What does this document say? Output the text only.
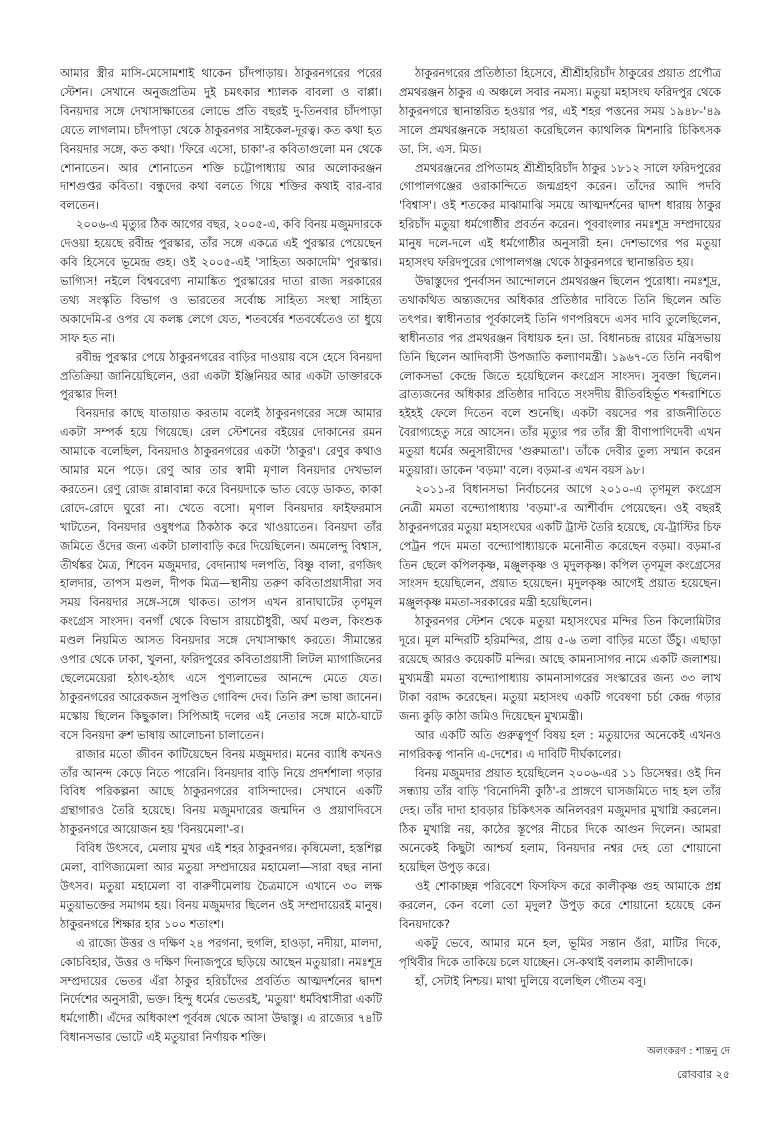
আমার স্ত্রীর মাসি-মেসোমশাই থাকেন চাঁদপাড়ায়। ঠাকুরনগরের পরের স্টেশন। সেখানে অনুজপ্রতিম দুই চমৎকার শ্যালক বাবলা ও বাপ্পা। বিনয়দার সঙ্গে দেখাসাক্ষাতের লোভে প্রতি বছরই দু-তিনবার চাঁদপাড়া যেতে লাগলাম। চাঁদপাড়া থেকে ঠাকুরনগর সাইকেল-দূরত্ব। কত কথা হত বিনয়দার সঙ্গে, কত কথা। 'ফিরে এসো, চাকা'-র কবিতাগুলো মন থেকে শোনাতেন। আর শোনাতেন শক্তি চট্টোপাধ্যায় আর অলোকরঞ্জন দাশগুপ্তর কবিতা। বন্ধুদের কথা বলতে গিয়ে শক্তির কথাই বার-বার বলতেন।

২০০৬-এ মৃত্যুর ঠিক আগের বছর, ২০০৫-এ, কবি বিনয় মজুমদারকে দেওয়া হয়েছে রবীন্দ্র পুরস্কার, তাঁর সঙ্গে একত্রে এই পুরস্কার পেয়েছেন কবি হিসেবে ভূমেন্দ্র গুহ। ওই ২০০৫-এই 'সাহিত্য অকাদেমি' পুরস্কার। ভাগ্যিস! নইলে বিশ্ববরেণ্য নামাঙ্কিত পুরস্কারের দাতা রাজ্য সরকারের তথ্য সংস্কৃতি বিভাগ ও ভারতের সর্বোচ্চ সাহিত্য সংস্থা সাহিত্য অকাদেমি-র ওপর যে কলঙ্ক লেগে যেত, শতবর্ষের শতবর্ষেতেও তা ধুয়ে সাফ হত না।

রবীন্দ্র পুরস্কার পেয়ে ঠাকুরনগরের বাড়ির দাওয়ায় বসে হেসে বিনয়দা প্রতিক্রিয়া জানিয়েছিলেন, ওরা একটা ইঞ্জিনিয়র আর একটা ডাক্তারকে পুরস্কার দিল!

বিনয়দার কাছে যাতায়াত করতাম বলেই ঠাকুরনগরের সঙ্গে আমার একটা সম্পর্ক হয়ে গিয়েছে। রেল স্টেশনের বইয়ের দোকানের রমন আমাকে বলেছিল, বিনয়দাও ঠাকুরনগরের একটা 'ঠাকুর'। রেণুর কথাও আমার মনে পড়ে। রেণু আর তার স্বামী মৃণাল বিনয়দার দেখভাল করতেন। রেণু রোজ রান্নাবান্না করে বিনয়দাকে ভাত বেড়ে ডাকত, কাকা রোদে-রোদে ঘুরো না। খেতে বসো। মৃণাল বিনয়দার ফাইফরমাস খাটতেন, বিনয়দার ওষুধপত্র ঠিকঠাক করে খাওয়াতেন। বিনয়দা তাঁর জমিতে ওঁদের জন্য একটা চালাবাড়ি করে দিয়েছিলেন। অমলেন্দু বিশ্বাস, তীর্থঙ্কর মৈত্র, শিবেন মজুমদার, বেদান্যাথ দলপতি, বিষ্ণু বালা, রণজিৎ হালদার, তাপস মণ্ডল, দীপক মিত্র—স্থানীয় তরুণ কবিতাপ্রয়াসীরা সব সময় বিনয়দার সঙ্গে-সঙ্গে থাকত। তাপস এখন রানাঘাটের তৃণমূল কংগ্রেস সাংসদ। বনগাঁ থেকে বিভাস রায়চৌধুরী, অর্ঘ মণ্ডল, কিংশুক মণ্ডল নিয়মিত আসত বিনয়দার সঙ্গে দেখাসাক্ষাৎ করতে। সীমান্তের ওপার থেকে ঢাকা, খুলনা, ফরিদপুরের কবিতাপ্রয়াসী লিটল ম্যাগাজিনের ছেলেমেয়েরা হঠাৎ-হঠাৎ এসে পুণ্যলাভের আনন্দে মেতে যেত। ঠাকুরনগরের আরেকজন সুপণ্ডিত গোবিন্দ দেব। তিনি রুশ ভাষা জানেন। মস্কোয় ছিলেন কিছুকাল। সিপিআই দলের এই নেতার সঙ্গে মাঠে-ঘাটে বসে বিনয়দা রুশ ভাষায় আলোচনা চালাতেন।

রাজার মতো জীবন কাটিয়েছেন বিনয় মজুমদার। মনের ব্যাধি কখনও তাঁর আনন্দ কেড়ে নিতে পারেনি। বিনয়দার বাড়ি নিয়ে প্রদর্শশালা গড়ার বিবিধ পরিকল্পনা আছে ঠাকুরনগরের বাসিন্দাদের। সেখানে একটি গ্রন্থাগারও তৈরি হয়েছে। বিনয় মজুমদারের জন্মদিন ও প্রয়াণদিবসে ঠাকুরনগরে আয়োজন হয় 'বিনয়মেলা'-র।

বিবিধ উৎসবে, মেলায় মুখর এই শহর ঠাকুরনগর। কৃষিমেলা, হস্তশিল্প মেলা, বাণিজ্যমেলা আর মতুয়া সম্প্রদায়ের মহামেলা—সারা বছর নানা উৎসব। মতুয়া মহামেলা বা বারুণীমেলায় চৈত্রমাসে এখানে ৩০ লক্ষ মতুয়াভক্তের সমাগম হয়। বিনয় মজুমদার ছিলেন ওই সম্প্রদায়েরই মানুষ। ঠাকুরনগরে শিক্ষার হার ১০০ শতাংশ।

এ রাজ্যে উত্তর ও দক্ষিণ ২৪ পরগনা, হুগলি, হাওড়া, নদীয়া, মালদা, কোচবিহার, উত্তর ও দক্ষিণ দিনাজপুরে ছড়িয়ে আছেন মতুয়ারা। নমঃশূদ্র সম্প্রদায়ের ভেতর এঁরা ঠাকুর হরিচাঁদের প্রবর্তিত আত্মদর্শনের দ্বাদশ নির্দেশের অনুসারী, ভক্ত। হিন্দু ধর্মের ভেতরই, 'মতুয়া' ধর্মবিশ্বাসীরা একটি ধর্মগোষ্ঠী। এঁদের অধিকাংশ পূর্ববঙ্গ থেকে আসা উদ্বাস্তু। এ রাজ্যের ৭৪টি বিধানসভার ভোটে এই মতুয়ারা নির্ণায়ক শক্তি।

ঠাকুরনগরের প্রতিষ্ঠাতা হিসেবে, শ্রীশ্রীহরিচাঁদ ঠাকুরের প্রয়াত প্রপৌত্র প্রমথরঞ্জন ঠাকুর এ অঞ্চলে সবার নমস্য। মতুয়া মহাসংঘ ফরিদপুর থেকে ঠাকুরনগরে স্থানান্তরিত হওয়ার পর, এই শহর পত্তনের সময় ১৯৪৮-'৪৯ সালে প্রমথরঞ্জনকে সহায়তা করেছিলেন ক্যাথলিক মিশনারি চিকিৎসক ডা. সি. এস. মিড।

প্রমথরঞ্জনের প্রপিতামহ শ্রীশ্রীহরিচাঁদ ঠাকুর ১৮১২ সালে ফরিদপুরের গোপালগঞ্জের ওরাকান্দিতে জন্মগ্রহণ করেন। তাঁদের আদি পদবি 'বিশ্বাস'। ওই শতকের মাঝামাঝি সময়ে আত্মদর্শনের দ্বাদশ ধারায় ঠাকুর হরিচাঁদ মতুয়া ধর্মগোষ্ঠীর প্রবর্তন করেন। পূববাংলার নমঃশূদ্র সম্প্রদায়ের মানুষ দলে-দলে এই ধর্মগোষ্ঠীর অনুসারী হন। দেশভাগের পর মতুয়া মহাসংঘ ফরিদপুরের গোপালগঞ্জ থেকে ঠাকুরনগরে স্থানান্তরিত হয়।

উদ্বাস্তুদের পুনর্বাসন আন্দোলনে প্রমথরঞ্জন ছিলেন পুরোধা। নমঃশূদ্র, তথাকথিত অন্ত্যজদের অধিকার প্রতিষ্ঠার দাবিতে তিনি ছিলেন অতি তৎপর। স্বাধীনতার পূর্বকালেই তিনি গণপরিষদে এসব দাবি তুলেছিলেন, স্বাধীনতার পর প্রমথরঞ্জন বিধায়ক হন। ডা. বিধানচন্দ্র রায়ের মন্ত্রিসভায় তিনি ছিলেন আদিবাসী উপজাতি কল্যাণমন্ত্রী। ১৯৬৭-তে তিনি নবদ্বীপ লোকসভা কেন্দ্রে জিতে হয়েছিলেন কংগ্রেস সাংসদ। সুবক্তা ছিলেন। ব্রাত্যজনের অধিকার প্রতিষ্ঠার দাবিতে সংসদীয় রীতিবহির্ভূত শব্দরাশিতে হইহই ফেলে দিতেন বলে শুনেছি। একটা বয়সের পর রাজনীতিতে বৈরাগ্যহেতু সরে আসেন। তাঁর মৃত্যুর পর তাঁর স্ত্রী বীণাপাণিদেবী এখন মতুয়া ধর্মের অনুসারীদের 'গুরুমাতা'। তাঁকে দেবীর তুল্য সম্মান করেন মতুয়ারা। ডাকেন 'বড়মা' বলে। বড়মা-র এখন বয়স ৯৮।

২০১১-র বিধানসভা নির্বাচনের আগে ২০১০-এ তৃণমূল কংগ্রেস নেত্রী মমতা বন্দ্যোপাধ্যায় 'বড়মা'-র আশীর্বাদ পেয়েছেন। ওই বছরই ঠাকুরনগরের মতুয়া মহাসংঘের একটি ট্রাস্ট তৈরি হয়েছে, যে-ট্রাস্টির চিফ পেট্রন পদে মমতা বন্দ্যোপাধ্যায়কে মনোনীত করেছেন বড়মা। বড়মা-র তিন ছেলে কপিলকৃষ্ণ, মঞ্জুলকৃষ্ণ ও মৃদুলকৃষ্ণ। কপিল তৃণমূল কংগ্রেসের সাংসদ হয়েছিলেন, প্রয়াত হয়েছেন। মৃদুলকৃষ্ণ আগেই প্রয়াত হয়েছেন। মঞ্জুলকৃষ্ণ মমতা-সরকারের মন্ত্রী হয়েছিলেন।

ঠাকুরনগর স্টেশন থেকে মতুয়া মহাসংঘের মন্দির তিন কিলোমিটার দূরে। মূল মন্দিরটি হরিমন্দির, প্রায় ৫-৬ তলা বাড়ির মতো উঁচু। এছাড়া রয়েছে আরও কয়েকটি মন্দির। আছে কামনাসাগর নামে একটি জলাশয়। মুখ্যমন্ত্রী মমতা বন্দ্যোপাধ্যায় কামনাসাগরের সংস্কারের জন্য ৩৩ লাখ টাকা বরাদ্দ করেছেন। মতুয়া মহাসংঘ একটি গবেষণা চর্চা কেন্দ্র গড়ার জন্য কুড়ি কাঠা জমিও দিয়েছেন মুখ্যমন্ত্রী।

আর একটি অতি গুরুত্বপূর্ণ বিষয় হল : মতুয়াদের অনেকেই এখনও নাগরিকত্ব পাননি এ-দেশের। এ দাবিটি দীর্ঘকালের।

বিনয় মজুমদার প্রয়াত হয়েছিলেন ২০০৬-এর ১১ ডিসেম্বর। ওই দিন সন্ধ্যায় তাঁর বাড়ি 'বিনোদিনী কুঠি'-র প্রাঙ্গণে ঘাসজমিতে দাহ হল তাঁর দেহ। তাঁর দাদা হাবড়ার চিকিৎসক অনিলবরণ মজুমদার মুখাগ্নি করলেন। ঠিক মুখাগ্নি নয়, কাঠের স্তূপের নীচের দিকে আগুন দিলেন। আমরা অনেকেই কিছুটা আশ্চর্য হলাম, বিনয়দার নশ্বর দেহ তো শোয়ানো হয়েছিল উপুড় করে।

ওই শোকাচ্ছন্ন পরিবেশে ফিসফিস করে কালীকৃষ্ণ গুহ আমাকে প্রশ্ন করলেন, কেন বলো তো মৃদুল? উপুড় করে শোয়ানো হয়েছে কেন বিনয়দাকে?

একটু ভেবে, আমার মনে হল, ভূমির সন্তান ওঁরা, মাটির দিকে, পৃথিবীর দিকে তাকিয়ে চলে যাচ্ছেন। সে-কথাই বললাম কালীদাকে।

হাঁ, সেটাই নিশ্চয়। মাথা দুলিয়ে বলেছিল গৌতম বসু।

অলংকরণ : শান্তনু দে
রোববার ২৫
